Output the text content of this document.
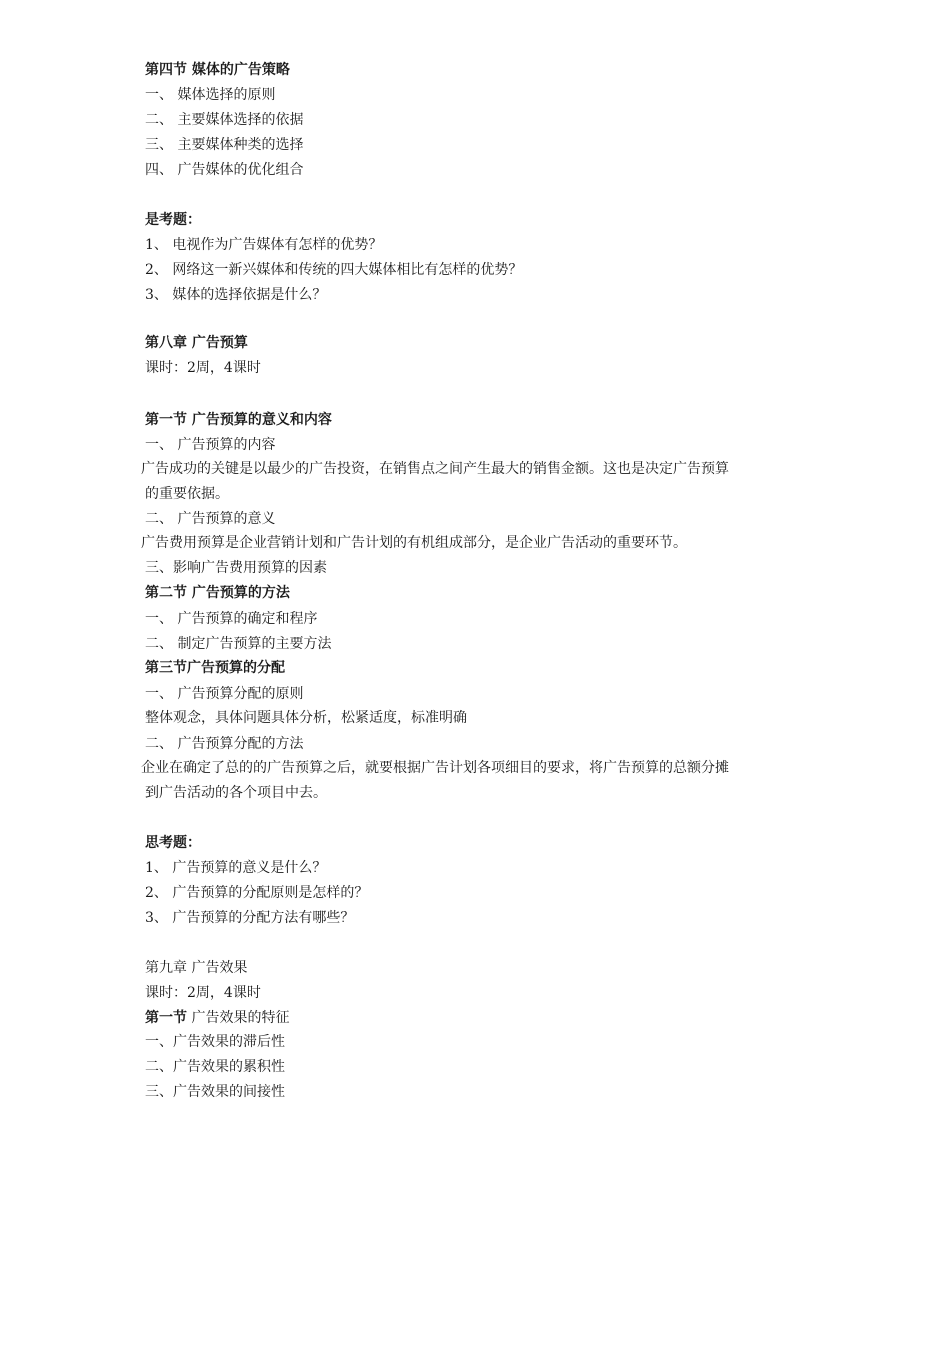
第四节 媒体的广告策略
一、 媒体选择的原则
二、 主要媒体选择的依据
三、 主要媒体种类的选择
四、 广告媒体的优化组合
是考题：
1、 电视作为广告媒体有怎样的优势？
2、 网络这一新兴媒体和传统的四大媒体相比有怎样的优势？
3、 媒体的选择依据是什么？
第八章 广告预算
课时：2周，4课时
第一节 广告预算的意义和内容
一、 广告预算的内容
广告成功的关键是以最少的广告投资，在销售点之间产生最大的销售金额。这也是决定广告预算
的重要依据。
二、 广告预算的意义
广告费用预算是企业营销计划和广告计划的有机组成部分，是企业广告活动的重要环节。
三、影响广告费用预算的因素
第二节 广告预算的方法
一、 广告预算的确定和程序
二、 制定广告预算的主要方法
第三节广告预算的分配
一、 广告预算分配的原则
整体观念，具体问题具体分析，松紧适度，标准明确
二、 广告预算分配的方法
企业在确定了总的的广告预算之后，就要根据广告计划各项细目的要求，将广告预算的总额分摊
到广告活动的各个项目中去。
思考题：
1、 广告预算的意义是什么？
2、 广告预算的分配原则是怎样的？
3、 广告预算的分配方法有哪些？
第九章 广告效果
课时：2周，4课时
第一节 广告效果的特征
一、广告效果的滞后性
二、广告效果的累积性
三、广告效果的间接性
